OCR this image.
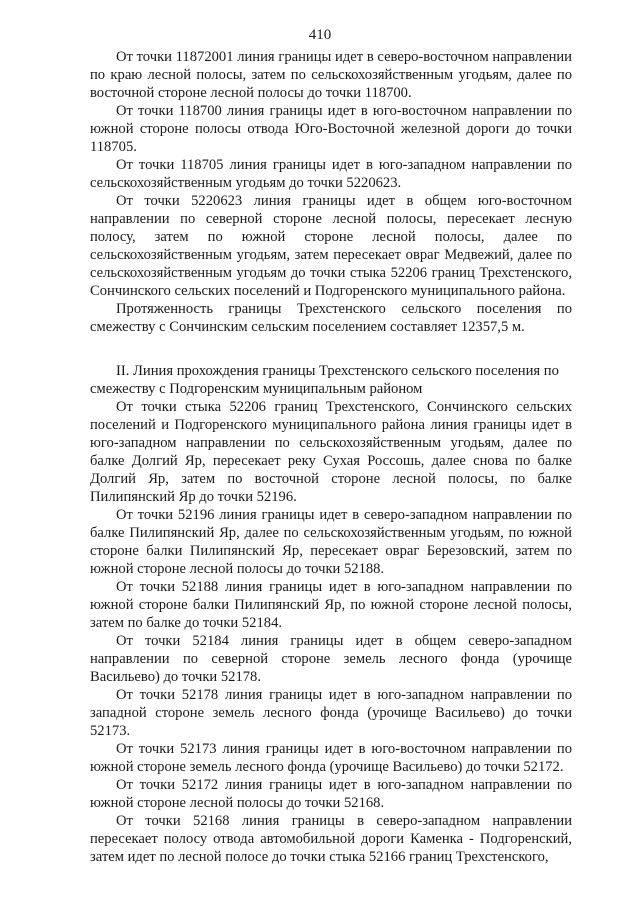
410

От точки 11872001 линия границы идет в северо-восточном направлении по краю лесной полосы, затем по сельскохозяйственным угодьям, далее по восточной стороне лесной полосы до точки 118700.

От точки 118700 линия границы идет в юго-восточном направлении по южной стороне полосы отвода Юго-Восточной железной дороги до точки 118705.

От точки 118705 линия границы идет в юго-западном направлении по сельскохозяйственным угодьям до точки 5220623.

От точки 5220623 линия границы идет в общем юго-восточном направлении по северной стороне лесной полосы, пересекает лесную полосу, затем по южной стороне лесной полосы, далее по сельскохозяйственным угодьям, затем пересекает овраг Медвежий, далее по сельскохозяйственным угодьям до точки стыка 52206 границ Трехстенского, Сончинского сельских поселений и Подгоренского муниципального района.

Протяженность границы Трехстенского сельского поселения по смежеству с Сончинским сельским поселением составляет 12357,5 м.

II. Линия прохождения границы Трехстенского сельского поселения по смежеству с Подгоренским муниципальным районом

От точки стыка 52206 границ Трехстенского, Сончинского сельских поселений и Подгоренского муниципального района линия границы идет в юго-западном направлении по сельскохозяйственным угодьям, далее по балке Долгий Яр, пересекает реку Сухая Россошь, далее снова по балке Долгий Яр, затем по восточной стороне лесной полосы, по балке Пилипянский Яр до точки 52196.

От точки 52196 линия границы идет в северо-западном направлении по балке Пилипянский Яр, далее по сельскохозяйственным угодьям, по южной стороне балки Пилипянский Яр, пересекает овраг Березовский, затем по южной стороне лесной полосы до точки 52188.

От точки 52188 линия границы идет в юго-западном направлении по южной стороне балки Пилипянский Яр, по южной стороне лесной полосы, затем по балке до точки 52184.

От точки 52184 линия границы идет в общем северо-западном направлении по северной стороне земель лесного фонда (урочище Васильево) до точки 52178.

От точки 52178 линия границы идет в юго-западном направлении по западной стороне земель лесного фонда (урочище Васильево) до точки 52173.

От точки 52173 линия границы идет в юго-восточном направлении по южной стороне земель лесного фонда (урочище Васильево) до точки 52172.

От точки 52172 линия границы идет в юго-западном направлении по южной стороне лесной полосы до точки 52168.

От точки 52168 линия границы в северо-западном направлении пересекает полосу отвода автомобильной дороги Каменка - Подгоренский, затем идет по лесной полосе до точки стыка 52166 границ Трехстенского,
